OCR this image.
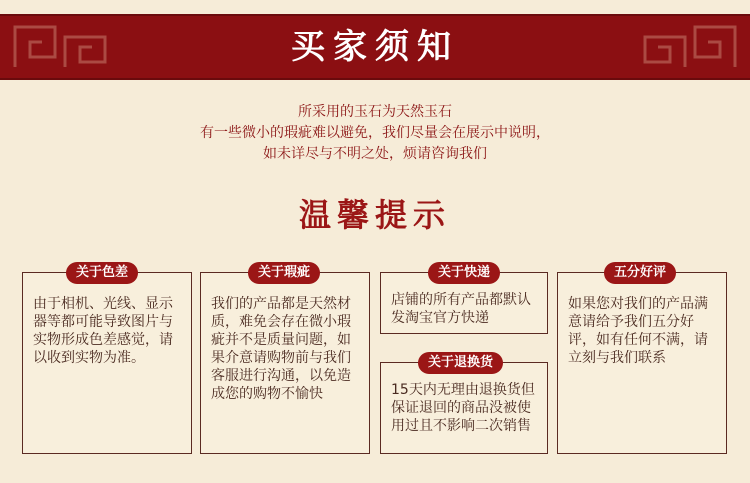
买家须知
所采用的玉石为天然玉石
有一些微小的瑕疵难以避免，我们尽量会在展示中说明，
如未详尽与不明之处，烦请咨询我们
温馨提示
由于相机、光线、显示器等都可能导致图片与实物形成色差感觉，请以收到实物为准。
关于色差
我们的产品都是天然材质，难免会存在微小瑕疵并不是质量问题，如果介意请购物前与我们客服进行沟通，以免造成您的购物不愉快
关于瑕疵
店铺的所有产品都默认发淘宝官方快递
关于快递
15天内无理由退换货但保证退回的商品没被使用过且不影响二次销售
关于退换货
如果您对我们的产品满意请给予我们五分好评，如有任何不满，请立刻与我们联系
五分好评
